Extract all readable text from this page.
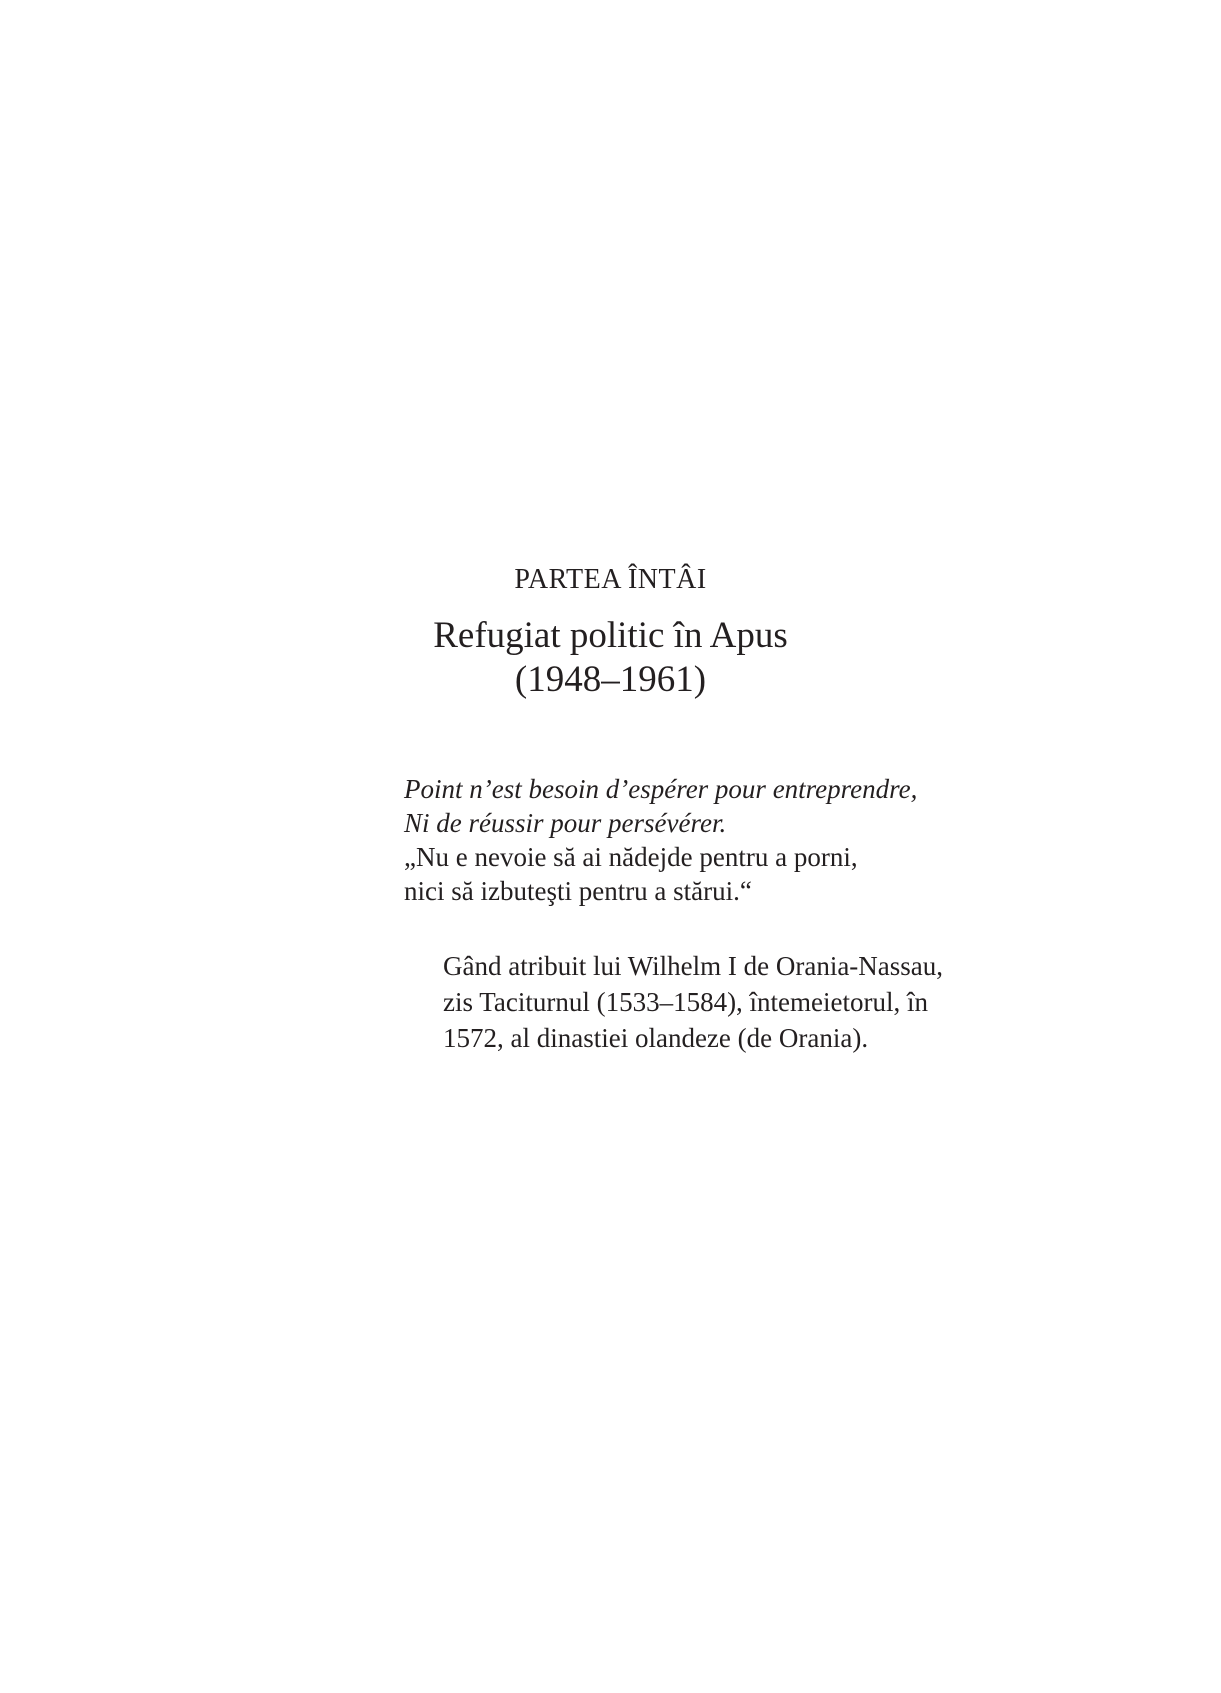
PARTEA ÎNTÂI
Refugiat politic în Apus
(1948–1961)
Point n’est besoin d’espérer pour entreprendre,
Ni de réussir pour persévérer.
„Nu e nevoie să ai nădejde pentru a porni,
nici să izbuteşti pentru a stărui.“
Gând atribuit lui Wilhelm I de Orania-Nassau,
zis Taciturnul (1533–1584), întemeietorul, în
1572, al dinastiei olandeze (de Orania).
